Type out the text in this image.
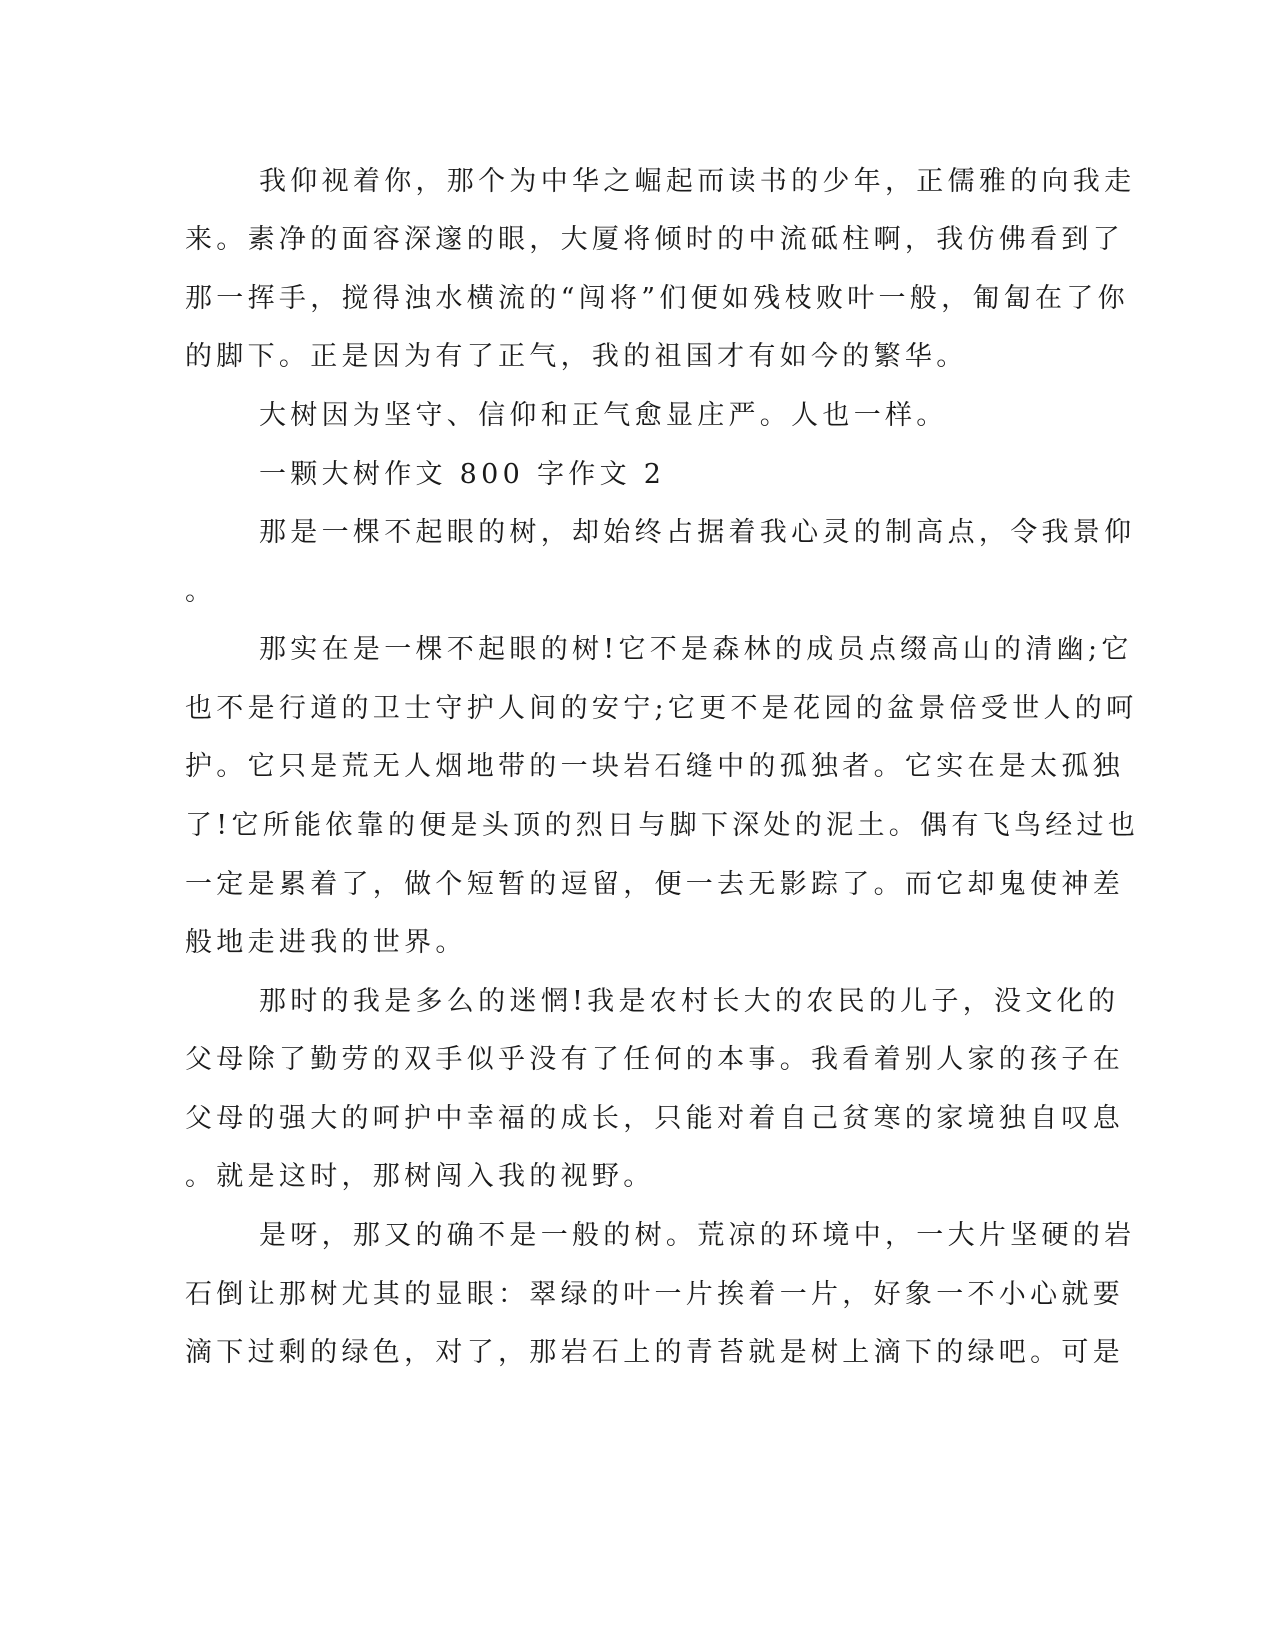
我仰视着你，那个为中华之崛起而读书的少年，正儒雅的向我走
来。素净的面容深邃的眼，大厦将倾时的中流砥柱啊，我仿佛看到了
那一挥手，搅得浊水横流的“闯将”们便如残枝败叶一般，匍匐在了你
的脚下。正是因为有了正气，我的祖国才有如今的繁华。
大树因为坚守、信仰和正气愈显庄严。人也一样。
一颗大树作文 800 字作文 2
那是一棵不起眼的树，却始终占据着我心灵的制高点，令我景仰
。
那实在是一棵不起眼的树!它不是森林的成员点缀高山的清幽;它
也不是行道的卫士守护人间的安宁;它更不是花园的盆景倍受世人的呵
护。它只是荒无人烟地带的一块岩石缝中的孤独者。它实在是太孤独
了!它所能依靠的便是头顶的烈日与脚下深处的泥土。偶有飞鸟经过也
一定是累着了，做个短暂的逗留，便一去无影踪了。而它却鬼使神差
般地走进我的世界。
那时的我是多么的迷惘!我是农村长大的农民的儿子，没文化的
父母除了勤劳的双手似乎没有了任何的本事。我看着别人家的孩子在
父母的强大的呵护中幸福的成长，只能对着自己贫寒的家境独自叹息
。就是这时，那树闯入我的视野。
是呀，那又的确不是一般的树。荒凉的环境中，一大片坚硬的岩
石倒让那树尤其的显眼：翠绿的叶一片挨着一片，好象一不小心就要
滴下过剩的绿色，对了，那岩石上的青苔就是树上滴下的绿吧。可是
